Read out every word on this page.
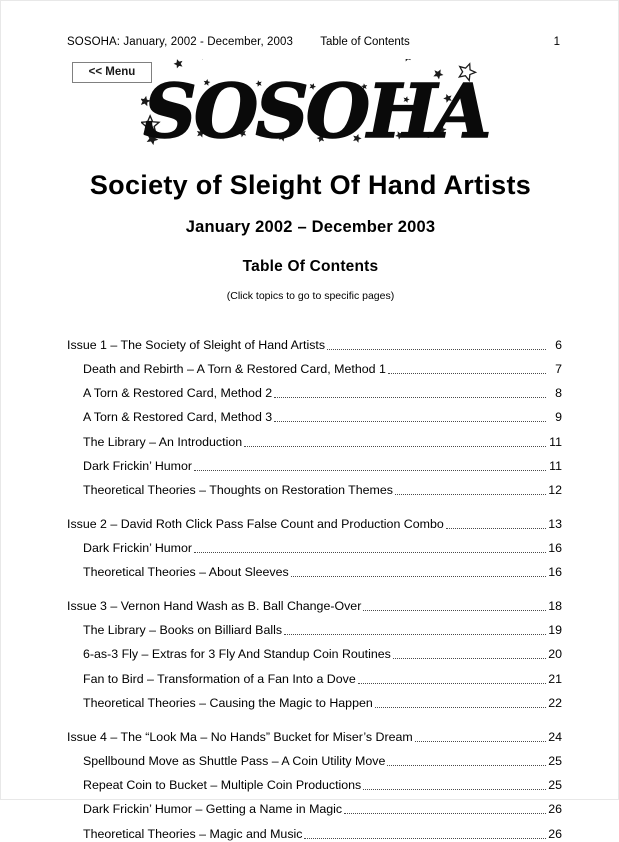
SOSOHA: January, 2002 - December, 2003 Table of Contents	1
<< Menu SOSOHA
Society of Sleight Of Hand Artists
January 2002 – December 2003
Table Of Contents
(Click topics to go to specific pages)
Issue 1 – The Society of Sleight of Hand Artists	6
Death and Rebirth – A Torn & Restored Card, Method 1	7
A Torn & Restored Card, Method 2	8
A Torn & Restored Card, Method 3	9
The Library – An Introduction	11
Dark Frickin’ Humor	11
Theoretical Theories – Thoughts on Restoration Themes	12
Issue 2 – David Roth Click Pass False Count and Production Combo	13
Dark Frickin’ Humor	16
Theoretical Theories – About Sleeves	16
Issue 3 – Vernon Hand Wash as B. Ball Change-Over	18
The Library – Books on Billiard Balls	19
6-as-3 Fly – Extras for 3 Fly And Standup Coin Routines	20
Fan to Bird – Transformation of a Fan Into a Dove	21
Theoretical Theories – Causing the Magic to Happen	22
Issue 4 – The “Look Ma – No Hands” Bucket for Miser’s Dream	24
Spellbound Move as Shuttle Pass – A Coin Utility Move	25
Repeat Coin to Bucket – Multiple Coin Productions	25
Dark Frickin’ Humor – Getting a Name in Magic	26
Theoretical Theories – Magic and Music	26
